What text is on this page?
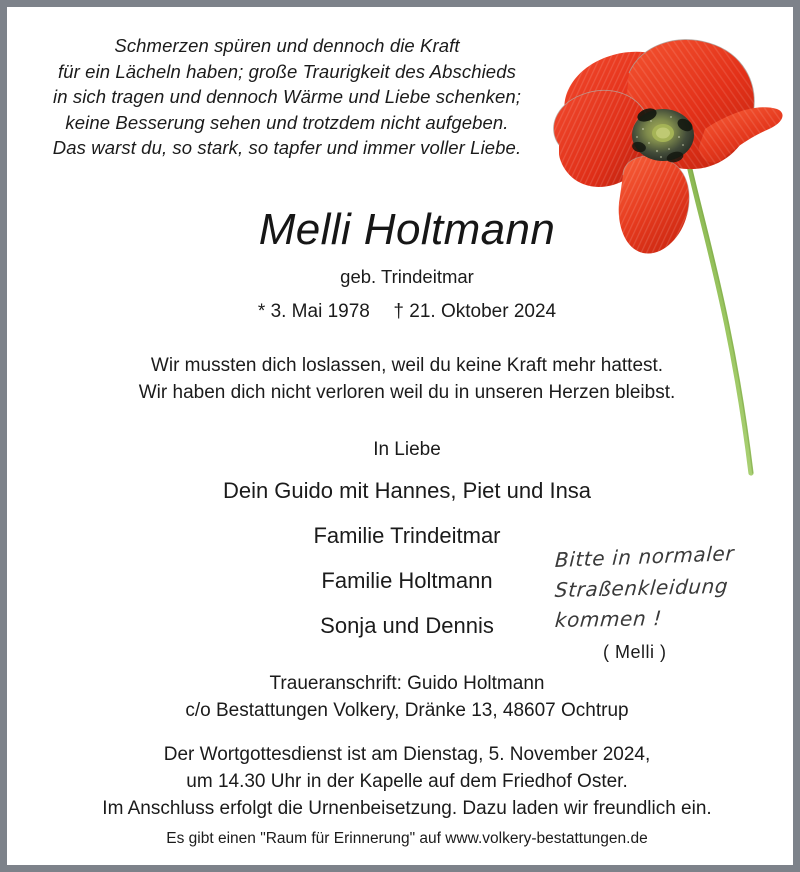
Schmerzen spüren und dennoch die Kraft
für ein Lächeln haben; große Traurigkeit des Abschieds
in sich tragen und dennoch Wärme und Liebe schenken;
keine Besserung sehen und trotzdem nicht aufgeben.
Das warst du, so stark, so tapfer und immer voller Liebe.
Melli Holtmann
geb. Trindeitmar
* 3. Mai 1978 † 21. Oktober 2024
Wir mussten dich loslassen, weil du keine Kraft mehr hattest.
Wir haben dich nicht verloren weil du in unseren Herzen bleibst.
In Liebe
Dein Guido mit Hannes, Piet und Insa
Familie Trindeitmar
Familie Holtmann
Sonja und Dennis
Bitte in normaler
Straßenkleidung
kommen !
( Melli )
Traueranschrift: Guido Holtmann
c/o Bestattungen Volkery, Dränke 13, 48607 Ochtrup
Der Wortgottesdienst ist am Dienstag, 5. November 2024,
um 14.30 Uhr in der Kapelle auf dem Friedhof Oster.
Im Anschluss erfolgt die Urnenbeisetzung. Dazu laden wir freundlich ein.
Es gibt einen "Raum für Erinnerung" auf www.volkery-bestattungen.de
